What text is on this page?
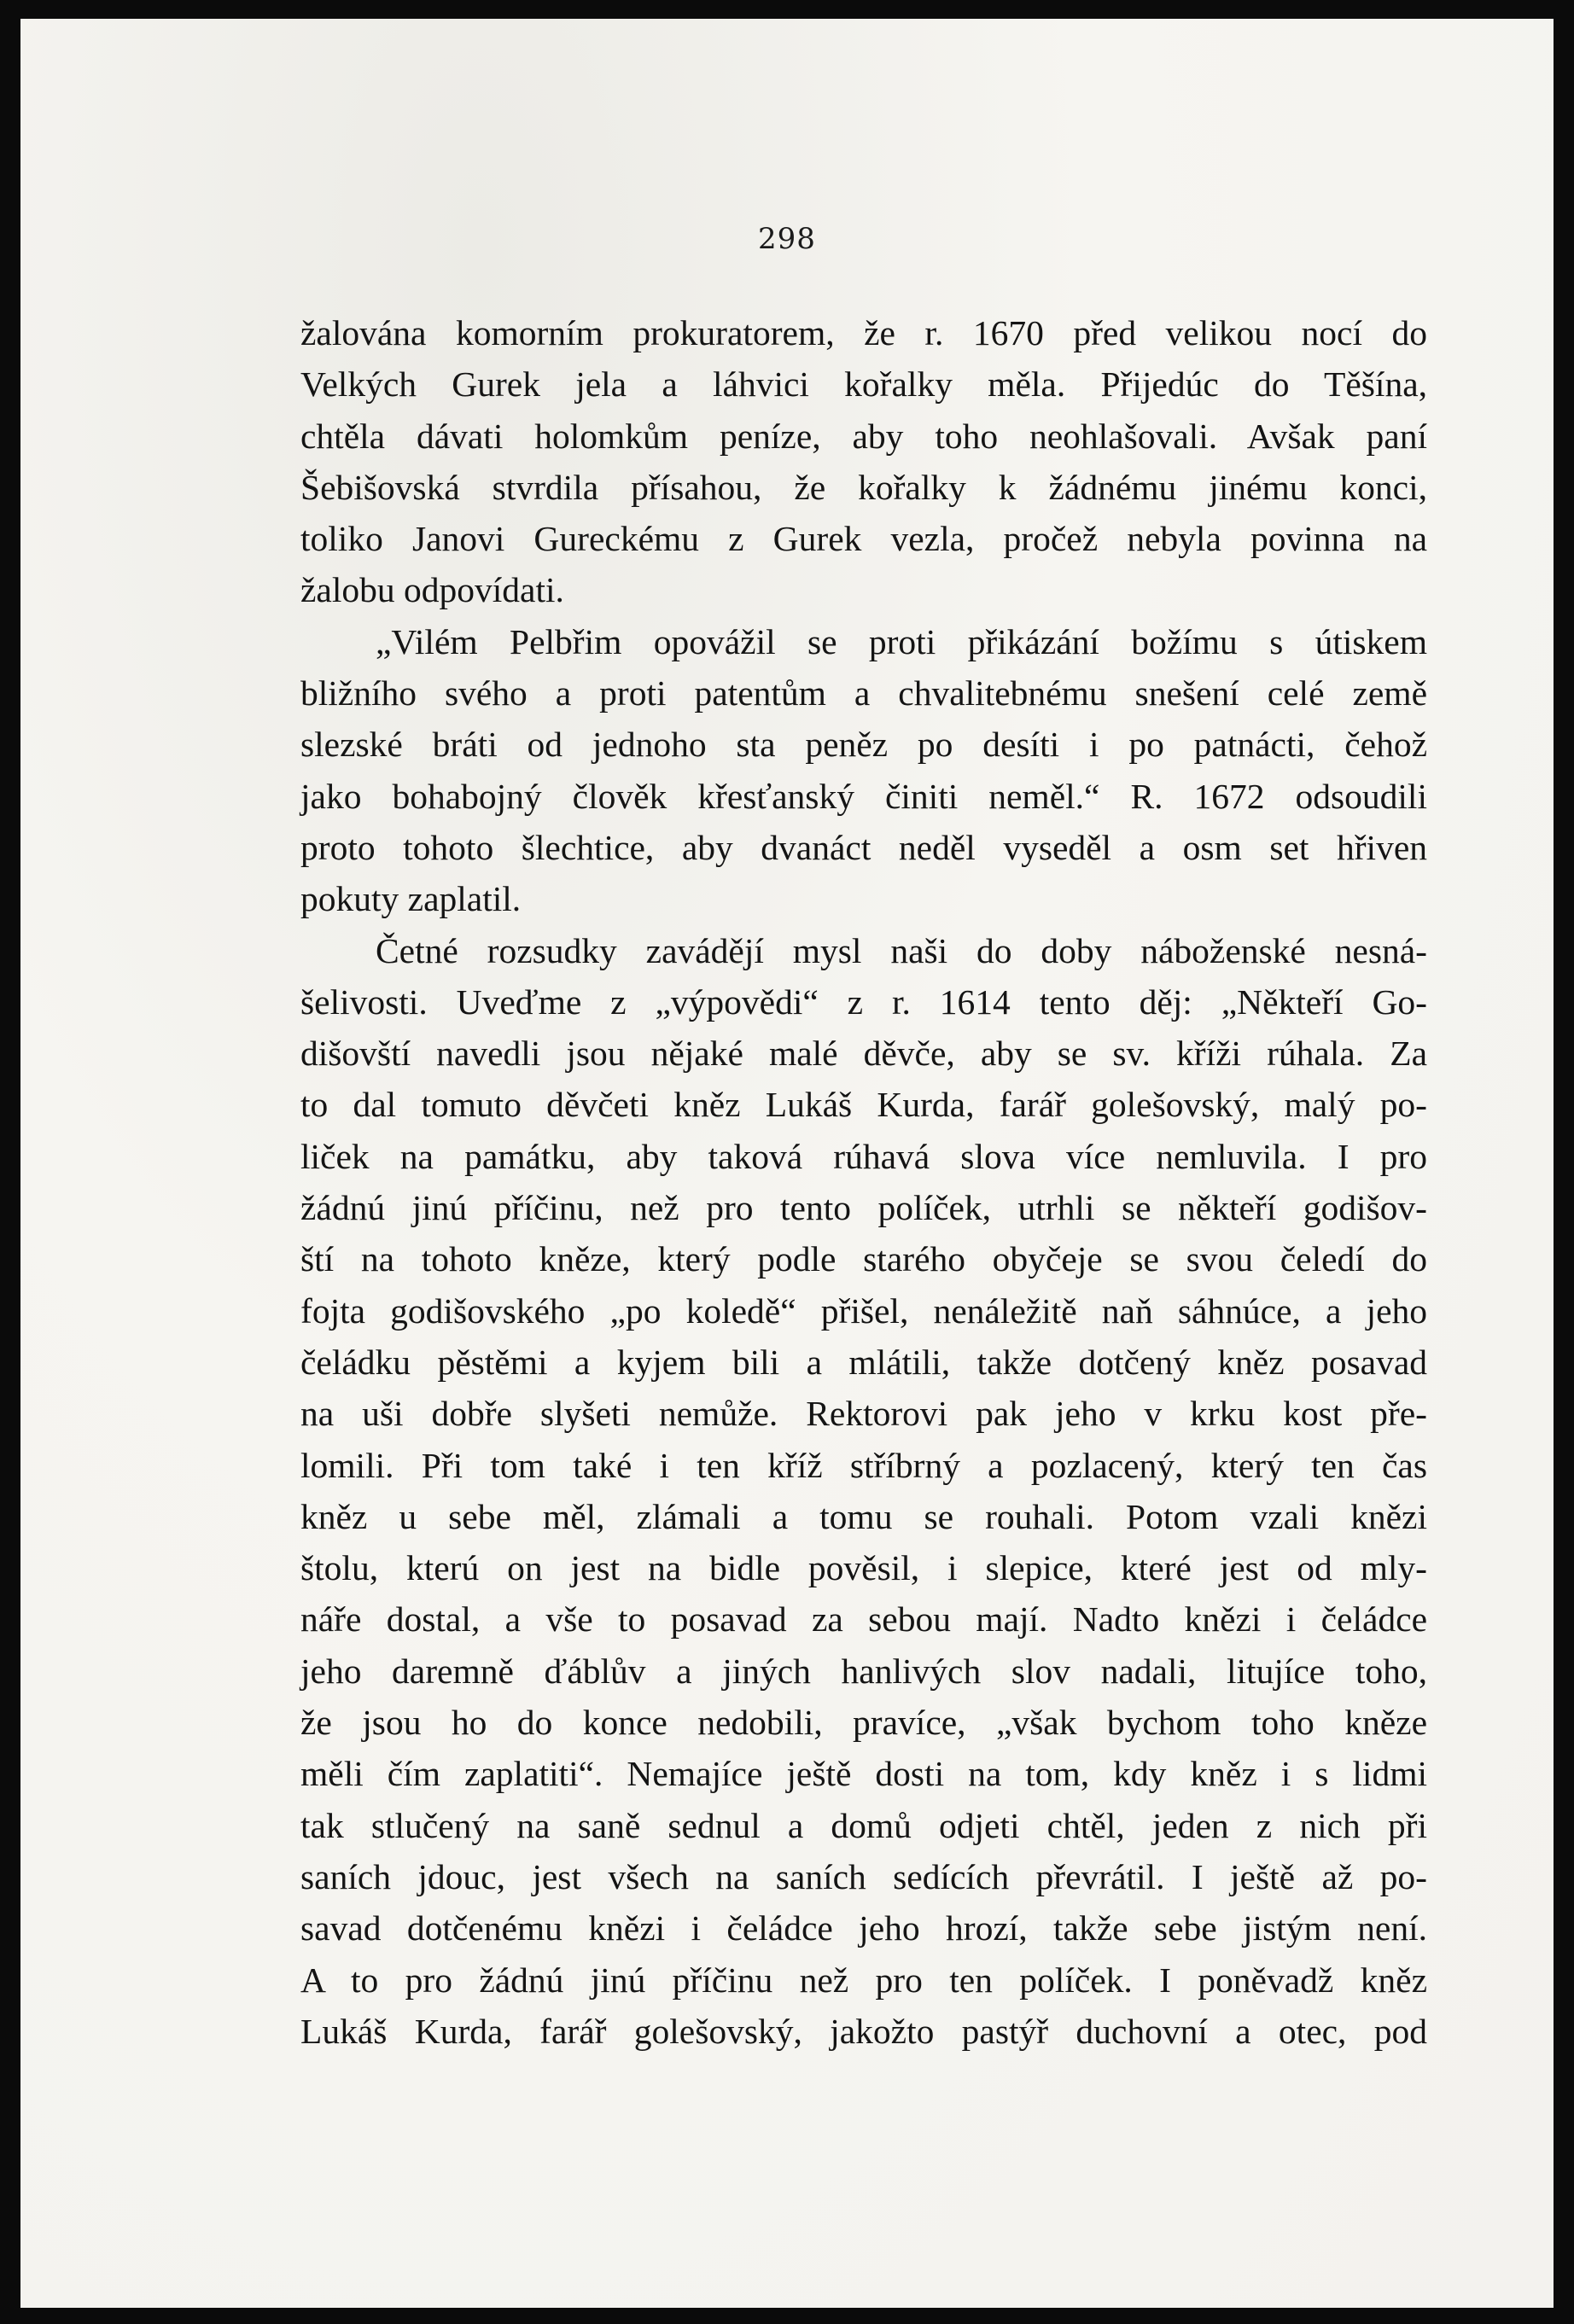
298
žalována komorním prokuratorem, že r. 1670 před velikou nocí do
Velkých Gurek jela a láhvici kořalky měla. Přijedúc do Těšína,
chtěla dávati holomkům peníze, aby toho neohlašovali. Avšak paní
Šebišovská stvrdila přísahou, že kořalky k žádnému jinému konci,
toliko Janovi Gureckému z Gurek vezla, pročež nebyla povinna na
žalobu odpovídati.
„Vilém Pelbřim opovážil se proti přikázání božímu s útiskem
bližního svého a proti patentům a chvalitebnému snešení celé země
slezské bráti od jednoho sta peněz po desíti i po patnácti, čehož
jako bohabojný člověk křesťanský činiti neměl.“ R. 1672 odsoudili
proto tohoto šlechtice, aby dvanáct neděl vyseděl a osm set hřiven
pokuty zaplatil.
Četné rozsudky zavádějí mysl naši do doby náboženské nesná-
šelivosti. Uveďme z „výpovědi“ z r. 1614 tento děj: „Někteří Go-
dišovští navedli jsou nějaké malé děvče, aby se sv. kříži rúhala. Za
to dal tomuto děvčeti kněz Lukáš Kurda, farář golešovský, malý po-
liček na památku, aby taková rúhavá slova více nemluvila. I pro
žádnú jinú příčinu, než pro tento políček, utrhli se někteří godišov-
ští na tohoto kněze, který podle starého obyčeje se svou čeledí do
fojta godišovského „po koledě“ přišel, nenáležitě naň sáhnúce, a jeho
čeládku pěstěmi a kyjem bili a mlátili, takže dotčený kněz posavad
na uši dobře slyšeti nemůže. Rektorovi pak jeho v krku kost pře-
lomili. Při tom také i ten kříž stříbrný a pozlacený, který ten čas
kněz u sebe měl, zlámali a tomu se rouhali. Potom vzali knězi
štolu, kterú on jest na bidle pověsil, i slepice, které jest od mly-
náře dostal, a vše to posavad za sebou mají. Nadto knězi i čeládce
jeho daremně ďáblův a jiných hanlivých slov nadali, litujíce toho,
že jsou ho do konce nedobili, pravíce, „však bychom toho kněze
měli čím zaplatiti“. Nemajíce ještě dosti na tom, kdy kněz i s lidmi
tak stlučený na saně sednul a domů odjeti chtěl, jeden z nich při
saních jdouc, jest všech na saních sedících převrátil. I ještě až po-
savad dotčenému knězi i čeládce jeho hrozí, takže sebe jistým není.
A to pro žádnú jinú příčinu než pro ten políček. I poněvadž kněz
Lukáš Kurda, farář golešovský, jakožto pastýř duchovní a otec, pod
